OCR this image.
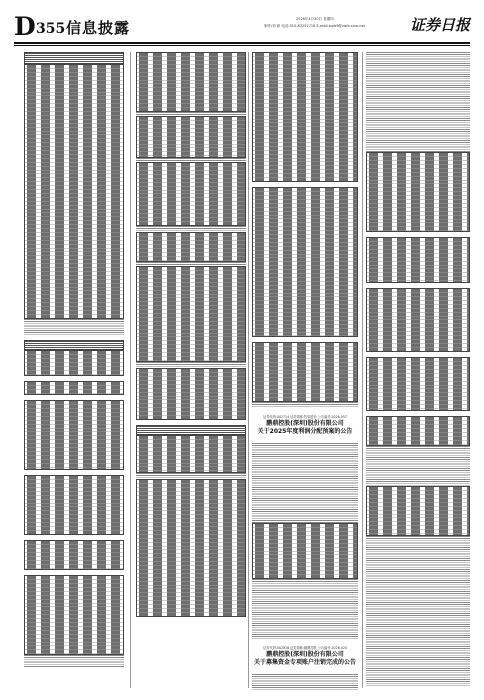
D 355 信息披露	2026年4月30日 星期四
制作/刘 莉 电话:010-83251716 E-mail:zqrb9@zqrb.sina.net	证券日报
证券代码:002714 证券简称:牧原股份 公告编号:2026-057
鹏鼎控股(深圳)股份有限公司
关于2025年度利润分配预案的公告
证券代码:002938 证券简称:鹏鼎控股 公告编号:2026-025
鹏鼎控股(深圳)股份有限公司
关于募集资金专项账户注销完成的公告
